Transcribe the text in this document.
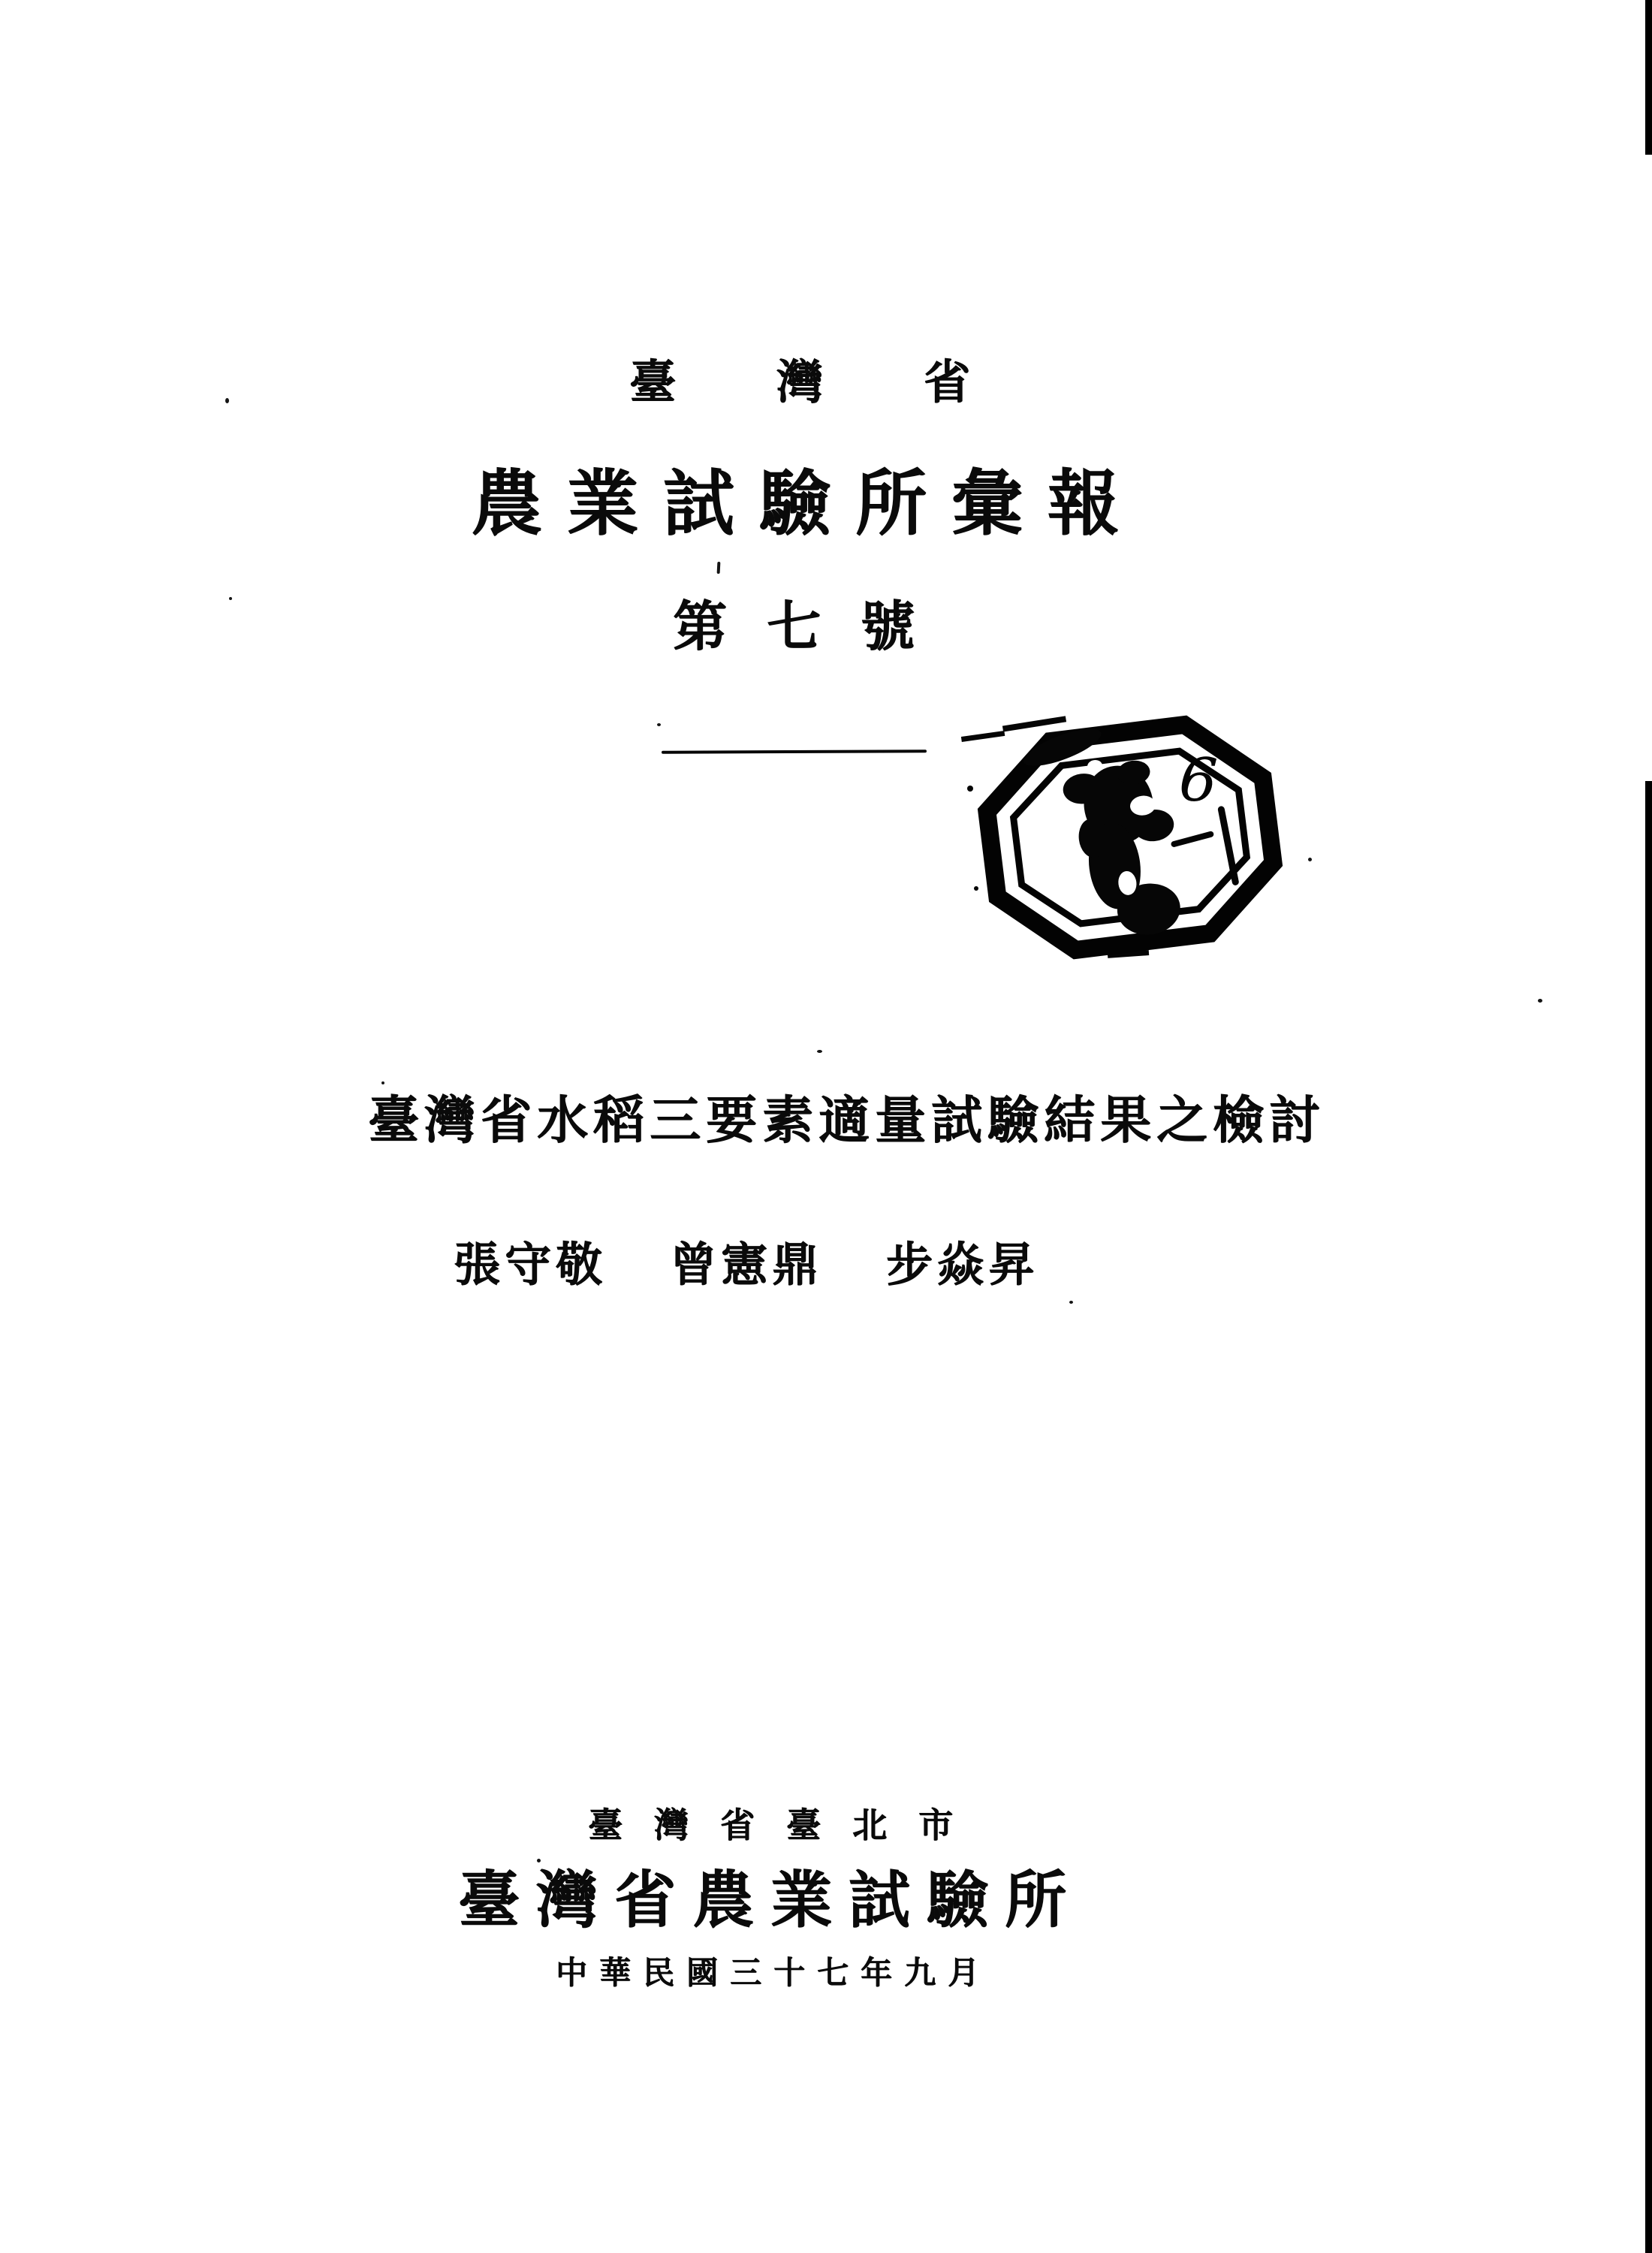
臺灣省
農業試驗所彙報
第七號
6
臺灣省水稻三要素適量試驗結果之檢討
張守敬 曾憲鼎 步焱昇
臺灣省臺北市
臺灣省農業試驗所
中華民國三十七年九月
